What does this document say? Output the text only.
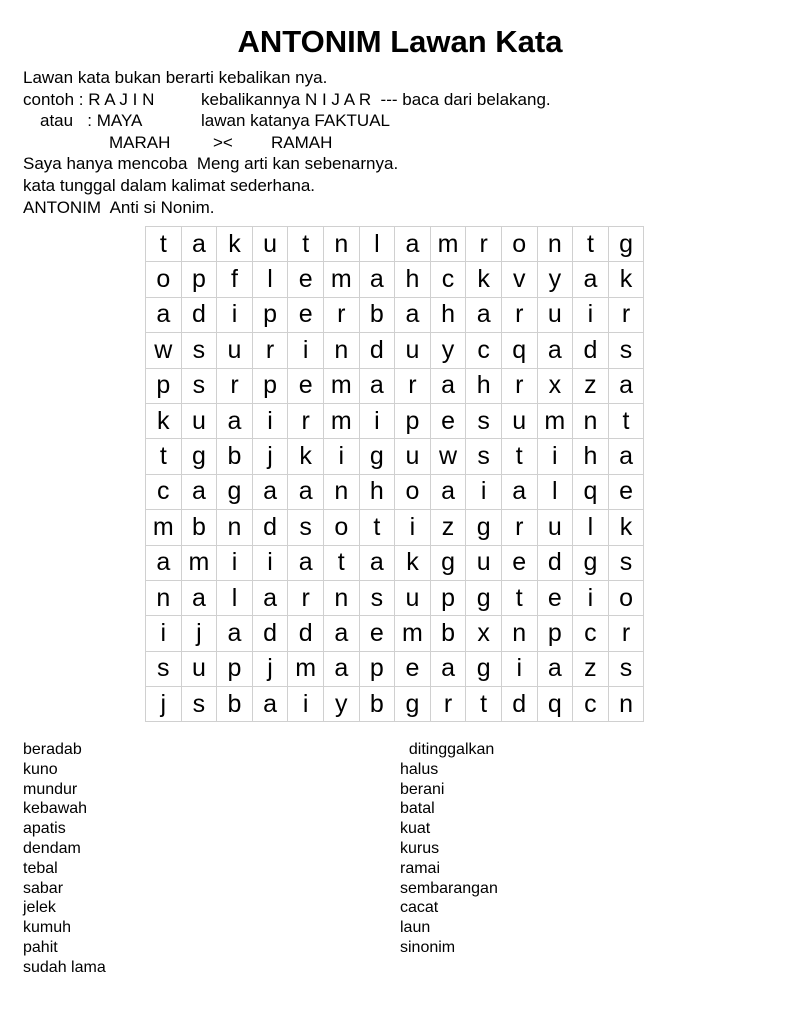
ANTONIM Lawan Kata

Lawan kata bukan berarti kebalikan nya.

contoh : R A J I N

	kebalikannya N I J A R  --- baca dari belakang.

atau   : MAYA

	lawan katanya FAKTUAL

MARAH

	><

RAMAH

Saya hanya mencoba  Meng arti kan sebenarnya.

kata tunggal dalam kalimat sederhana.

ANTONIM  Anti si Nonim.

t	a	k	u	t	n	l	a	m	r	o	n	t	g
o	p	f	l	e	m	a	h	c	k	v	y	a	k
a	d	i	p	e	r	b	a	h	a	r	u	i	r
w	s	u	r	i	n	d	u	y	c	q	a	d	s
p	s	r	p	e	m	a	r	a	h	r	x	z	a
k	u	a	i	r	m	i	p	e	s	u	m	n	t
t	g	b	j	k	i	g	u	w	s	t	i	h	a
c	a	g	a	a	n	h	o	a	i	a	l	q	e
m	b	n	d	s	o	t	i	z	g	r	u	l	k
a	m	i	i	a	t	a	k	g	u	e	d	g	s
n	a	l	a	r	n	s	u	p	g	t	e	i	o
i	j	a	d	d	a	e	m	b	x	n	p	c	r
s	u	p	j	m	a	p	e	a	g	i	a	z	s
j	s	b	a	i	y	b	g	r	t	d	q	c	n
beradab
kuno
mundur
kebawah
apatis
dendam
tebal
sabar
jelek
kumuh
pahit
sudah lama
ditinggalkan
halus
berani
batal
kuat
kurus
ramai
sembarangan
cacat
laun
sinonim
